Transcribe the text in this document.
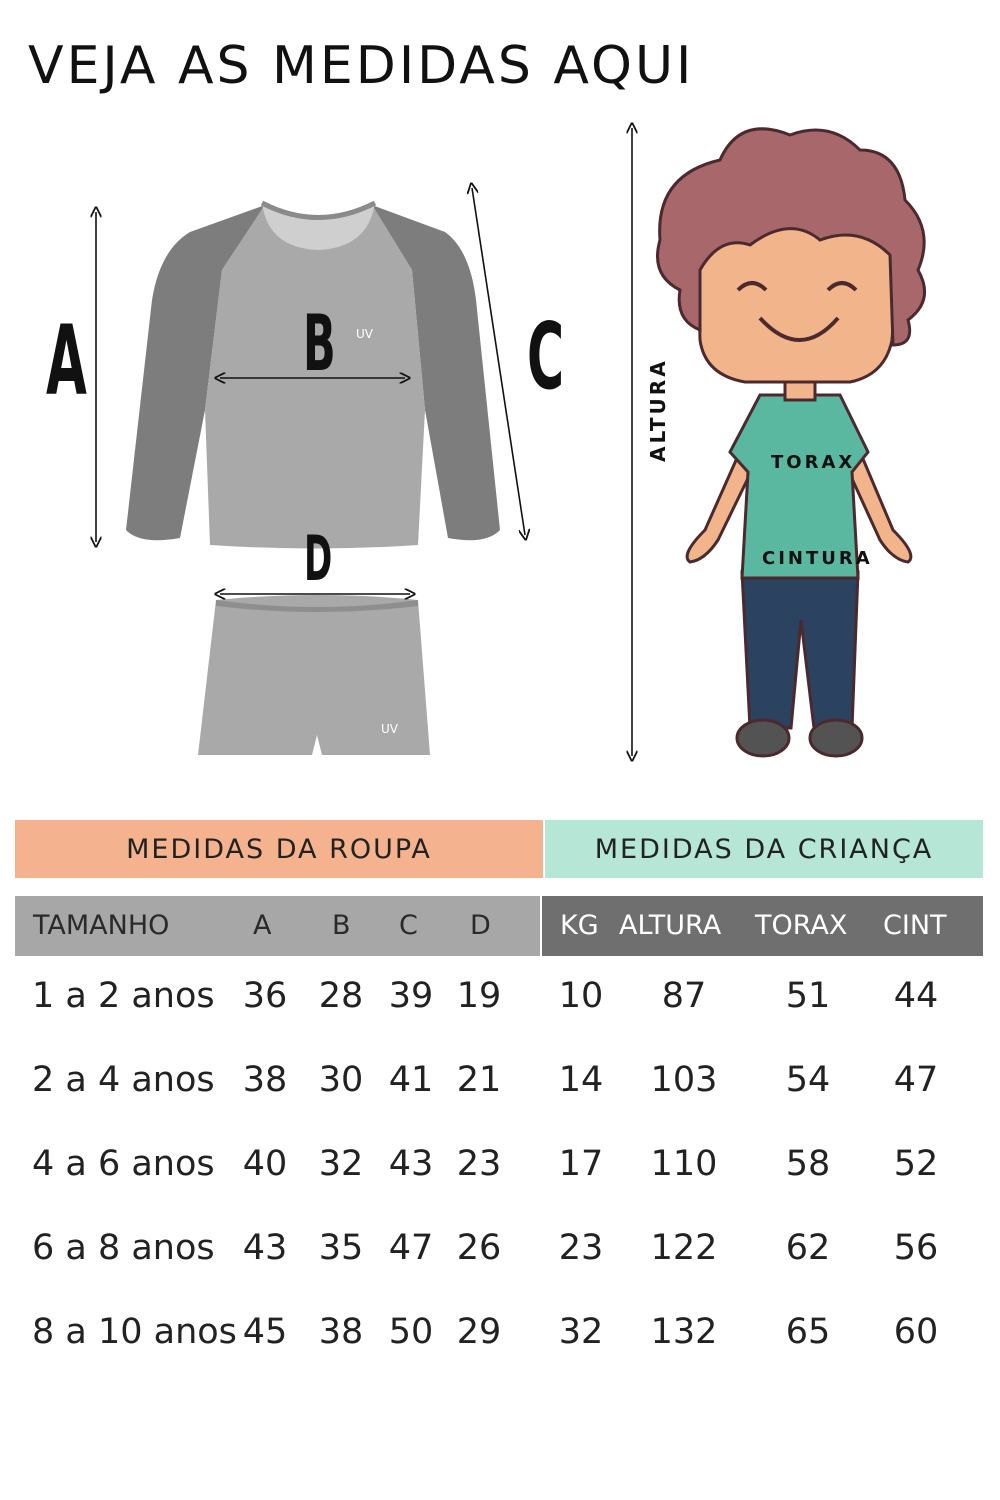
VEJA AS MEDIDAS AQUI
UV
UV
A	B C
D
ALTURA
TORAX
CINTURA
MEDIDAS DA ROUPA	MEDIDAS DA CRIANÇA
TAMANHO	A B C D	KG ALTURA TORAX CINT
1 a 2 anos 36 28 39 19 10 87 51 44
2 a 4 anos 38 30 41 21 14 103 54 47
4 a 6 anos 40 32 43 23 17 110 58 52
6 a 8 anos 43 35 47 26 23 122 62 56
8 a 10 anos 45 38 50 29 32 132 65 60
